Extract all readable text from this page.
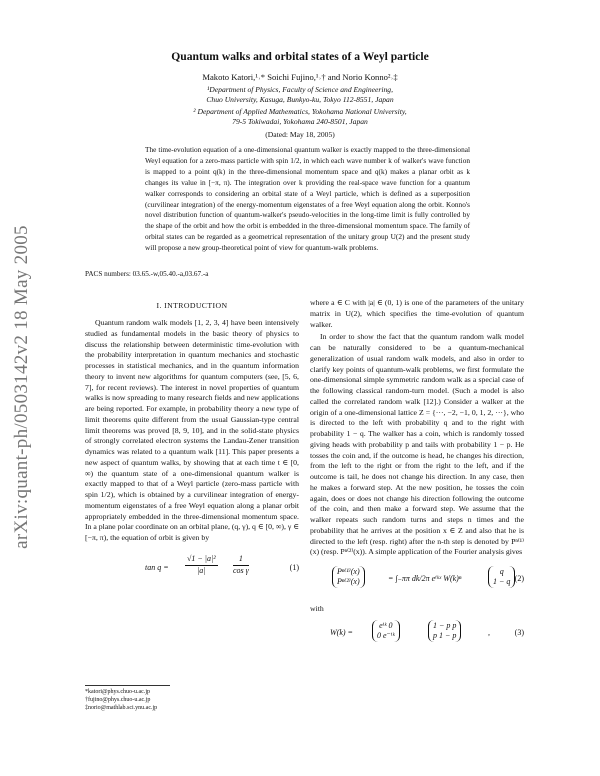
arXiv:quant-ph/0503142v2 18 May 2005
Quantum walks and orbital states of a Weyl particle
Makoto Katori,¹˒* Soichi Fujino,¹˒† and Norio Konno²˒‡
¹Department of Physics, Faculty of Science and Engineering,
Chuo University, Kasuga, Bunkyo-ku, Tokyo 112-8551, Japan
² Department of Applied Mathematics, Yokohama National University,
79-5 Tokiwadai, Yokohama 240-8501, Japan
(Dated: May 18, 2005)
The time-evolution equation of a one-dimensional quantum walker is exactly mapped to the three-dimensional Weyl equation for a zero-mass particle with spin 1/2, in which each wave number k of walker's wave function is mapped to a point q(k) in the three-dimensional momentum space and q(k) makes a planar orbit as k changes its value in [−π, π). The integration over k providing the real-space wave function for a quantum walker corresponds to considering an orbital state of a Weyl particle, which is defined as a superposition (curvilinear integration) of the energy-momentum eigenstates of a free Weyl equation along the orbit. Konno's novel distribution function of quantum-walker's pseudo-velocities in the long-time limit is fully controlled by the shape of the orbit and how the orbit is embedded in the three-dimensional momentum space. The family of orbital states can be regarded as a geometrical representation of the unitary group U(2) and the present study will propose a new group-theoretical point of view for quantum-walk problems.
PACS numbers: 03.65.-w,05.40.-a,03.67.-a
I. INTRODUCTION

Quantum random walk models [1, 2, 3, 4] have been intensively studied as fundamental models in the basic theory of physics to discuss the relationship between deterministic time-evolution with the probability interpretation in quantum mechanics and stochastic processes in statistical mechanics, and in the quantum information theory to invent new algorithms for quantum computers (see, [5, 6, 7], for recent reviews). The interest in novel properties of quantum walks is now spreading to many research fields and new applications are being reported. For example, in probability theory a new type of limit theorems quite different from the usual Gaussian-type central limit theorems was proved [8, 9, 10], and in the solid-state physics of strongly correlated electron systems the Landau-Zener transition dynamics was related to a quantum walk [11]. This paper presents a new aspect of quantum walks, by showing that at each time t ∈ [0, ∞) the quantum state of a one-dimensional quantum walker is exactly mapped to that of a Weyl particle (zero-mass particle with spin 1/2), which is obtained by a curvilinear integration of energy-momentum eigenstates of a free Weyl equation along a planar orbit appropriately embedded in the three-dimensional momentum space. In a plane polar coordinate on an orbital plane, (q, γ), q ∈ [0, ∞), γ ∈ [−π, π), the equation of orbit is given by

$\tan q = \frac{\text{√1 − |a|²}}{|a|} \frac{1}{\text{cos γ}}$	(1)

where a ∈ C with |a| ∈ (0, 1) is one of the parameters of the unitary matrix in U(2), which specifies the time-evolution of quantum walker.

In order to show the fact that the quantum random walk model can be naturally considered to be a quantum-mechanical generalization of usual random walk models, and also in order to clarify key points of quantum-walk problems, we first formulate the one-dimensional simple symmetric random walk as a special case of the following classical random-turn model. (Such a model is also called the correlated random walk [12].) Consider a walker at the origin of a one-dimensional lattice Z = {···, −2, −1, 0, 1, 2, ···}, who is directed to the left with probability q and to the right with probability 1 − q. The walker has a coin, which is randomly tossed giving heads with probability p and tails with probability 1 − p. He tosses the coin and, if the outcome is head, he changes his direction, from the left to the right or from the right to the left, and if the outcome is tail, he does not change his direction. In any case, then he makes a forward step. At the new position, he tosses the coin again, does or does not change his direction following the outcome of the coin, and then make a forward step. We assume that the walker repeats such random turns and steps n times and the probability that he arrives at the position x ∈ Z and also that he is directed to the left (resp. right) after the n-th step is denoted by Pⁿ⁽¹⁾(x) (resp. Pⁿ⁽²⁾(x)). A simple application of the Fourier analysis gives

Pⁿ⁽¹⁾(x)
Pⁿ⁽²⁾(x)	= ∫₋ππ dk/2π eⁱᵏˣ W(k)ⁿ
q
1 − q (2)

with

W(k) =
eⁱᵏ 0
0 e⁻ⁱᵏ
1 − p p
p 1 − p	,	(3)
*katori@phys.chuo-u.ac.jp
†fujino@phys.chuo-u.ac.jp
‡norio@mathlab.sci.ynu.ac.jp
